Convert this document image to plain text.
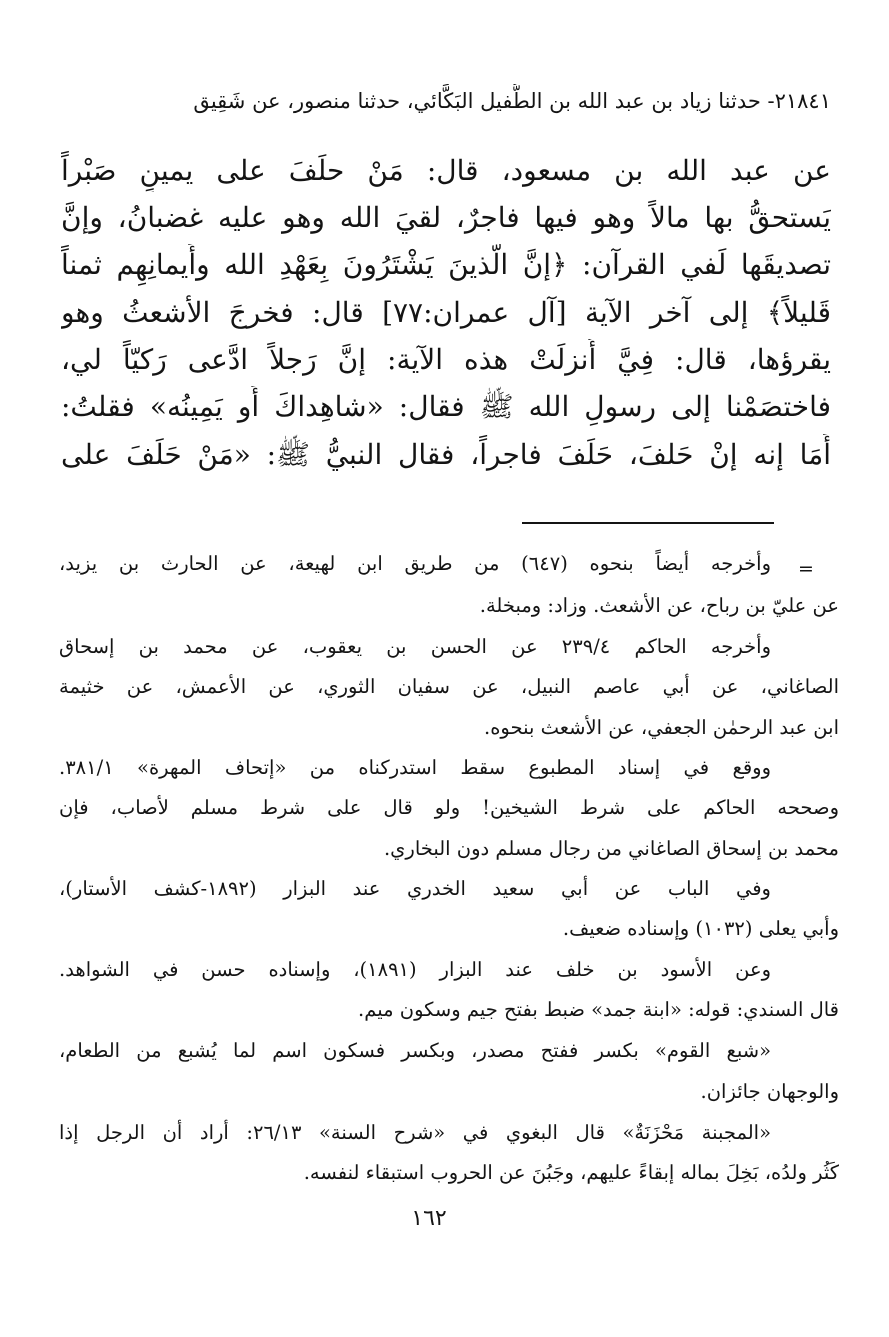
٢١٨٤١- حدثنا زياد بن عبد الله بن الطُّفيل البَكَّائي، حدثنا منصور، عن شَقِيق
عن عبد الله بن مسعود، قال: مَنْ حلَفَ على يمينٍ صَبْراً
يَستحقُّ بها مالاً وهو فيها فاجرٌ، لقيَ الله وهو عليه غضبانُ، وإنَّ
تصديقَها لَفي القرآن: ﴿إنَّ الَّذينَ يَشْتَرُونَ بِعَهْدِ الله وأَيمانِهِم ثمناً
قَليلاً﴾ إلى آخر الآية [آل عمران:٧٧] قال: فخرجَ الأشعثُ وهو
يقرؤها، قال: فِيَّ أُنزلَتْ هذه الآية: إنَّ رَجلاً ادَّعى رَكيّاً لي،
فاختصَمْنا إلى رسولِ الله ﷺ فقال: «شاهِداكَ أَو يَمِينُه» فقلتُ:
أَمَا إنه إنْ حَلفَ، حَلَفَ فاجراً، فقال النبيُّ ﷺ: «مَنْ حَلَفَ على
=
وأخرجه أيضاً بنحوه (٦٤٧) من طريق ابن لهيعة، عن الحارث بن يزيد،
عن عليّ بن رباح، عن الأشعث. وزاد: ومبخلة.
وأخرجه الحاكم ٢٣٩/٤ عن الحسن بن يعقوب، عن محمد بن إسحاق
الصاغاني، عن أبي عاصم النبيل، عن سفيان الثوري، عن الأعمش، عن خثيمة
ابن عبد الرحمٰن الجعفي، عن الأشعث بنحوه.
ووقع في إسناد المطبوع سقط استدركناه من «إتحاف المهرة» ٣٨١/١.
وصححه الحاكم على شرط الشيخين! ولو قال على شرط مسلم لأصاب، فإن
محمد بن إسحاق الصاغاني من رجال مسلم دون البخاري.
وفي الباب عن أبي سعيد الخدري عند البزار (١٨٩٢-كشف الأستار)،
وأبي يعلى (١٠٣٢) وإسناده ضعيف.
وعن الأسود بن خلف عند البزار (١٨٩١)، وإسناده حسن في الشواهد.
قال السندي: قوله: «ابنة جمد» ضبط بفتح جيم وسكون ميم.
«شبع القوم» بكسر ففتح مصدر، وبكسر فسكون اسم لما يُشبع من الطعام،
والوجهان جائزان.
«المجبنة مَحْزَنَةٌ» قال البغوي في «شرح السنة» ٢٦/١٣: أراد أن الرجل إذا
كَثُر ولدُه، بَخِلَ بماله إبقاءً عليهم، وجَبُنَ عن الحروب استبقاء لنفسه.
١٦٢
